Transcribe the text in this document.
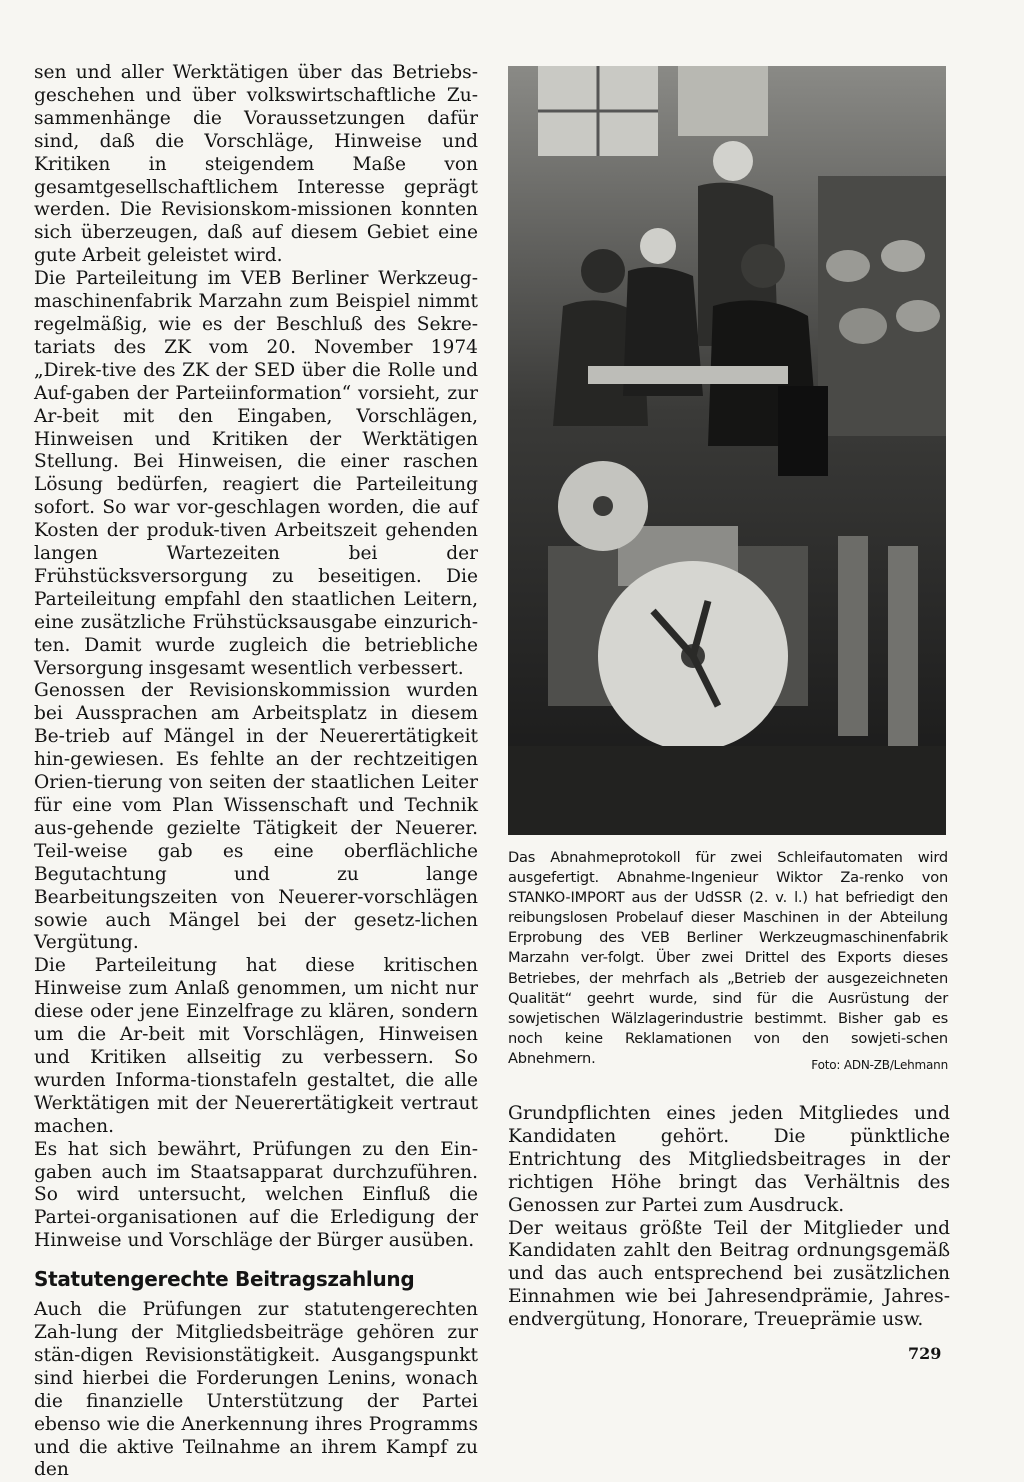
sen und aller Werktätigen über das Betriebs-geschehen und über volkswirtschaftliche Zu-sammenhänge die Voraussetzungen dafür sind, daß die Vorschläge, Hinweise und Kritiken in steigendem Maße von gesamtgesellschaftlichem Interesse geprägt werden. Die Revisionskom-missionen konnten sich überzeugen, daß auf diesem Gebiet eine gute Arbeit geleistet wird.

Die Parteileitung im VEB Berliner Werkzeug-maschinenfabrik Marzahn zum Beispiel nimmt regelmäßig, wie es der Beschluß des Sekre-tariats des ZK vom 20. November 1974 „Direk-tive des ZK der SED über die Rolle und Auf-gaben der Parteiinformation“ vorsieht, zur Ar-beit mit den Eingaben, Vorschlägen, Hinweisen und Kritiken der Werktätigen Stellung. Bei Hinweisen, die einer raschen Lösung bedürfen, reagiert die Parteileitung sofort. So war vor-geschlagen worden, die auf Kosten der produk-tiven Arbeitszeit gehenden langen Wartezeiten bei der Frühstücksversorgung zu beseitigen. Die Parteileitung empfahl den staatlichen Leitern, eine zusätzliche Frühstücksausgabe einzurich-ten. Damit wurde zugleich die betriebliche Versorgung insgesamt wesentlich verbessert.

Genossen der Revisionskommission wurden bei Aussprachen am Arbeitsplatz in diesem Be-trieb auf Mängel in der Neuerertätigkeit hin-gewiesen. Es fehlte an der rechtzeitigen Orien-tierung von seiten der staatlichen Leiter für eine vom Plan Wissenschaft und Technik aus-gehende gezielte Tätigkeit der Neuerer. Teil-weise gab es eine oberflächliche Begutachtung und zu lange Bearbeitungszeiten von Neuerer-vorschlägen sowie auch Mängel bei der gesetz-lichen Vergütung.

Die Parteileitung hat diese kritischen Hinweise zum Anlaß genommen, um nicht nur diese oder jene Einzelfrage zu klären, sondern um die Ar-beit mit Vorschlägen, Hinweisen und Kritiken allseitig zu verbessern. So wurden Informa-tionstafeln gestaltet, die alle Werktätigen mit der Neuerertätigkeit vertraut machen.

Es hat sich bewährt, Prüfungen zu den Ein-gaben auch im Staatsapparat durchzuführen. So wird untersucht, welchen Einfluß die Partei-organisationen auf die Erledigung der Hinweise und Vorschläge der Bürger ausüben.

Statutengerechte Beitragszahlung

Auch die Prüfungen zur statutengerechten Zah-lung der Mitgliedsbeiträge gehören zur stän-digen Revisionstätigkeit. Ausgangspunkt sind hierbei die Forderungen Lenins, wonach die finanzielle Unterstützung der Partei ebenso wie die Anerkennung ihres Programms und die aktive Teilnahme an ihrem Kampf zu den

Das Abnahmeprotokoll für zwei Schleifautomaten wird ausgefertigt. Abnahme-Ingenieur Wiktor Za-renko von STANKO-IMPORT aus der UdSSR (2. v. l.) hat befriedigt den reibungslosen Probelauf dieser Maschinen in der Abteilung Erprobung des VEB Berliner Werkzeugmaschinenfabrik Marzahn ver-folgt. Über zwei Drittel des Exports dieses Betriebes, der mehrfach als „Betrieb der ausgezeichneten Qualität“ geehrt wurde, sind für die Ausrüstung der sowjetischen Wälzlagerindustrie bestimmt. Bisher gab es noch keine Reklamationen von den sowjeti-schen Abnehmern.	Foto: ADN-ZB/Lehmann

Grundpflichten eines jeden Mitgliedes und Kandidaten gehört. Die pünktliche Entrichtung des Mitgliedsbeitrages in der richtigen Höhe bringt das Verhältnis des Genossen zur Partei zum Ausdruck.

Der weitaus größte Teil der Mitglieder und Kandidaten zahlt den Beitrag ordnungsgemäß und das auch entsprechend bei zusätzlichen Einnahmen wie bei Jahresendprämie, Jahres-endvergütung, Honorare, Treueprämie usw.

729
